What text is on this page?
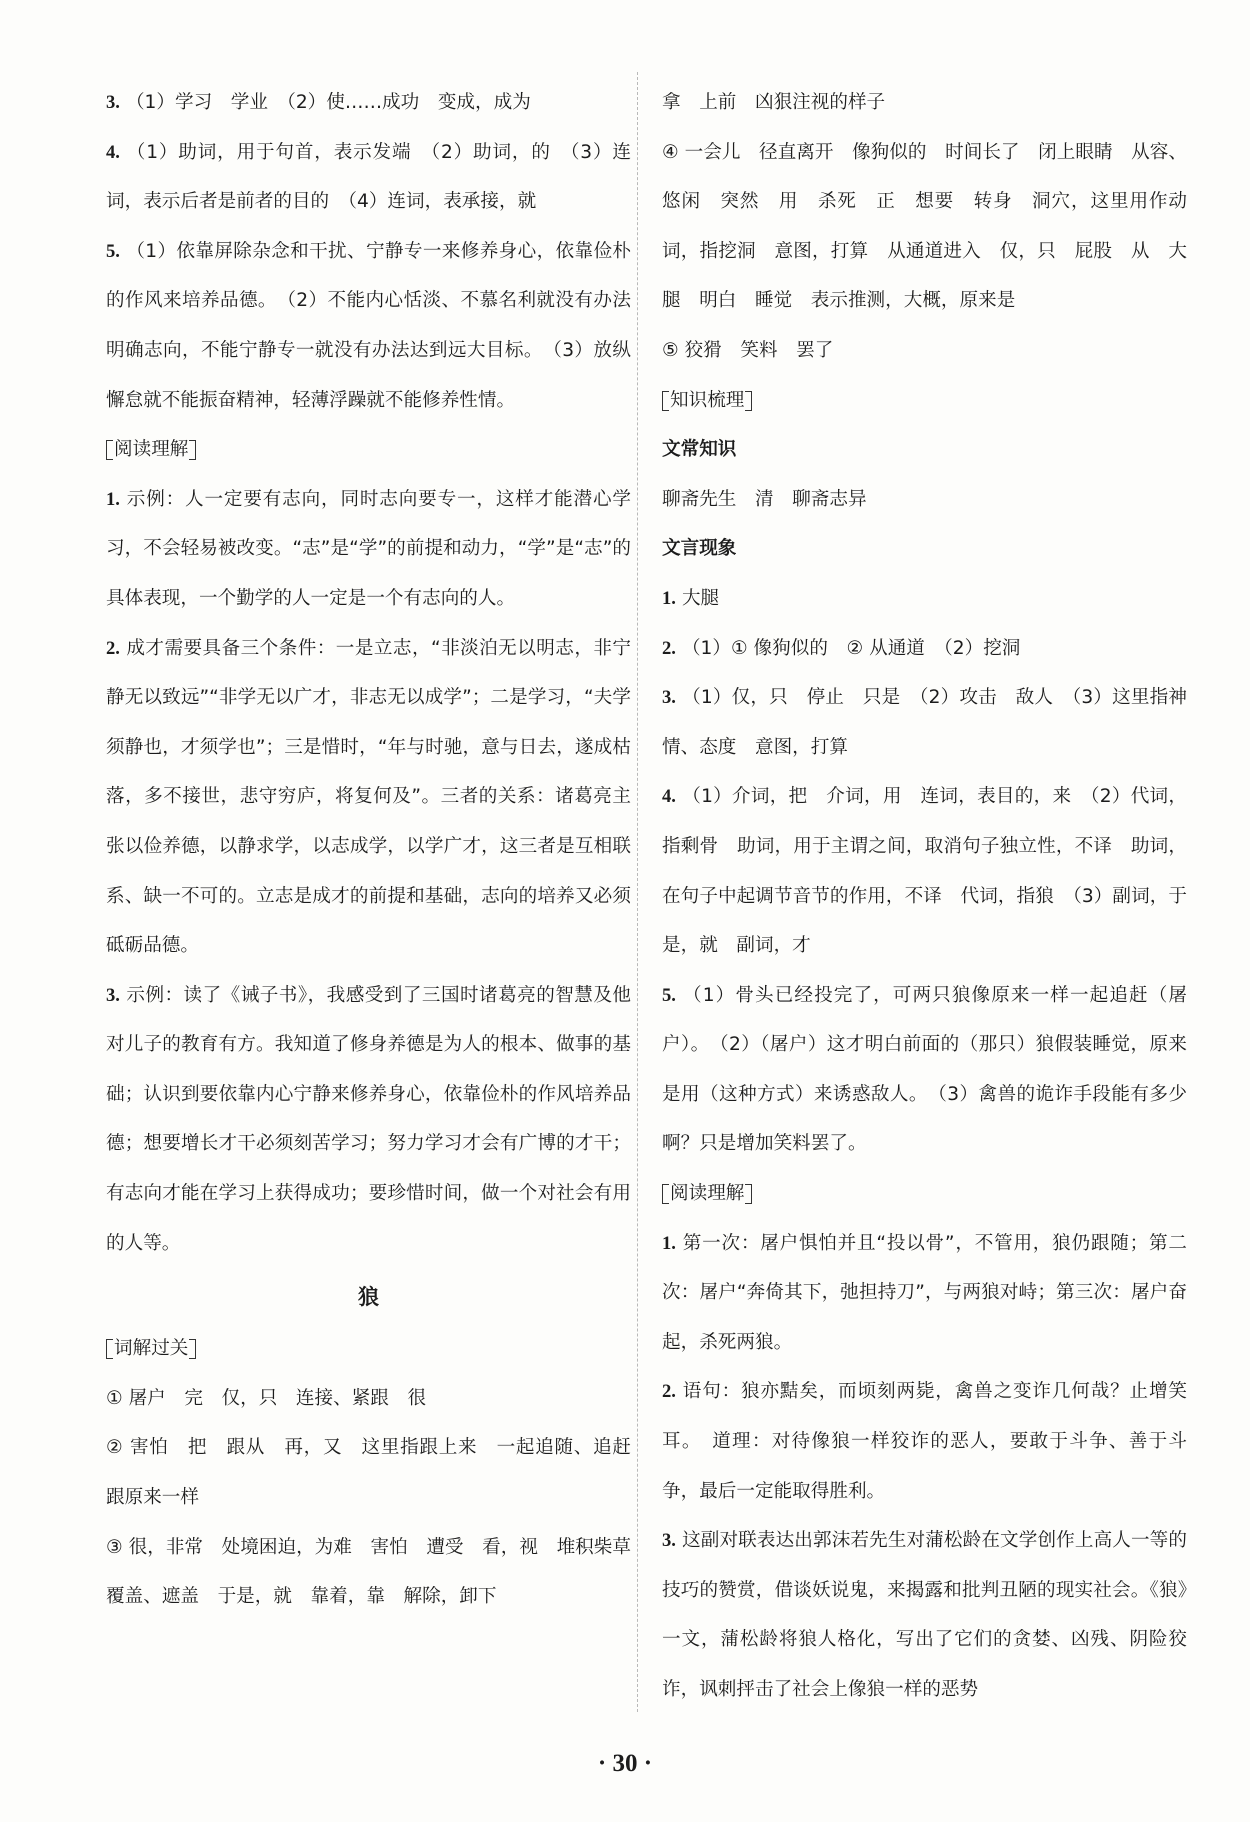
3. （1）学习　学业　（2）使……成功　变成，成为

4. （1）助词，用于句首，表示发端　（2）助词，的　（3）连词，表示后者是前者的目的　（4）连词，表承接，就

5. （1）依靠屏除杂念和干扰、宁静专一来修养身心，依靠俭朴的作风来培养品德。　（2）不能内心恬淡、不慕名利就没有办法明确志向，不能宁静专一就没有办法达到远大目标。　（3）放纵懈怠就不能振奋精神，轻薄浮躁就不能修养性情。

阅读理解

1. 示例：人一定要有志向，同时志向要专一，这样才能潜心学习，不会轻易被改变。“志”是“学”的前提和动力，“学”是“志”的具体表现，一个勤学的人一定是一个有志向的人。

2. 成才需要具备三个条件：一是立志，“非淡泊无以明志，非宁静无以致远”“非学无以广才，非志无以成学”；二是学习，“夫学须静也，才须学也”；三是惜时，“年与时驰，意与日去，遂成枯落，多不接世，悲守穷庐，将复何及”。三者的关系：诸葛亮主张以俭养德，以静求学，以志成学，以学广才，这三者是互相联系、缺一不可的。立志是成才的前提和基础，志向的培养又必须砥砺品德。

3. 示例：读了《诫子书》，我感受到了三国时诸葛亮的智慧及他对儿子的教育有方。我知道了修身养德是为人的根本、做事的基础；认识到要依靠内心宁静来修养身心，依靠俭朴的作风培养品德；想要增长才干必须刻苦学习；努力学习才会有广博的才干；有志向才能在学习上获得成功；要珍惜时间，做一个对社会有用的人等。

狼

词解过关

① 屠户　完　仅，只　连接、紧跟　很

② 害怕　把　跟从　再，又　这里指跟上来　一起追随、追赶　跟原来一样

③ 很，非常　处境困迫，为难　害怕　遭受　看，视　堆积柴草　覆盖、遮盖　于是，就　靠着，靠　解除，卸下

拿　上前　凶狠注视的样子

④ 一会儿　径直离开　像狗似的　时间长了　闭上眼睛　从容、悠闲　突然　用　杀死　正　想要　转身　洞穴，这里用作动词，指挖洞　意图，打算　从通道进入　仅，只　屁股　从　大腿　明白　睡觉　表示推测，大概，原来是

⑤ 狡猾　笑料　罢了

知识梳理

文常知识

聊斋先生　清　聊斋志异

文言现象

1. 大腿

2. （1）① 像狗似的　② 从通道　（2）挖洞

3. （1）仅，只　停止　只是　（2）攻击　敌人　（3）这里指神情、态度　意图，打算

4. （1）介词，把　介词，用　连词，表目的，来　（2）代词，指剩骨　助词，用于主谓之间，取消句子独立性，不译　助词，在句子中起调节音节的作用，不译　代词，指狼　（3）副词，于是，就　副词，才

5. （1）骨头已经投完了，可两只狼像原来一样一起追赶（屠户）。　（2）（屠户）这才明白前面的（那只）狼假装睡觉，原来是用（这种方式）来诱惑敌人。　（3）禽兽的诡诈手段能有多少啊？只是增加笑料罢了。

阅读理解

1. 第一次：屠户惧怕并且“投以骨”，不管用，狼仍跟随；第二次：屠户“奔倚其下，弛担持刀”，与两狼对峙；第三次：屠户奋起，杀死两狼。

2. 语句：狼亦黠矣，而顷刻两毙，禽兽之变诈几何哉？止增笑耳。　道理：对待像狼一样狡诈的恶人，要敢于斗争、善于斗争，最后一定能取得胜利。

3. 这副对联表达出郭沫若先生对蒲松龄在文学创作上高人一等的技巧的赞赏，借谈妖说鬼，来揭露和批判丑陋的现实社会。《狼》一文，蒲松龄将狼人格化，写出了它们的贪婪、凶残、阴险狡诈，讽刺抨击了社会上像狼一样的恶势

· 30 ·
